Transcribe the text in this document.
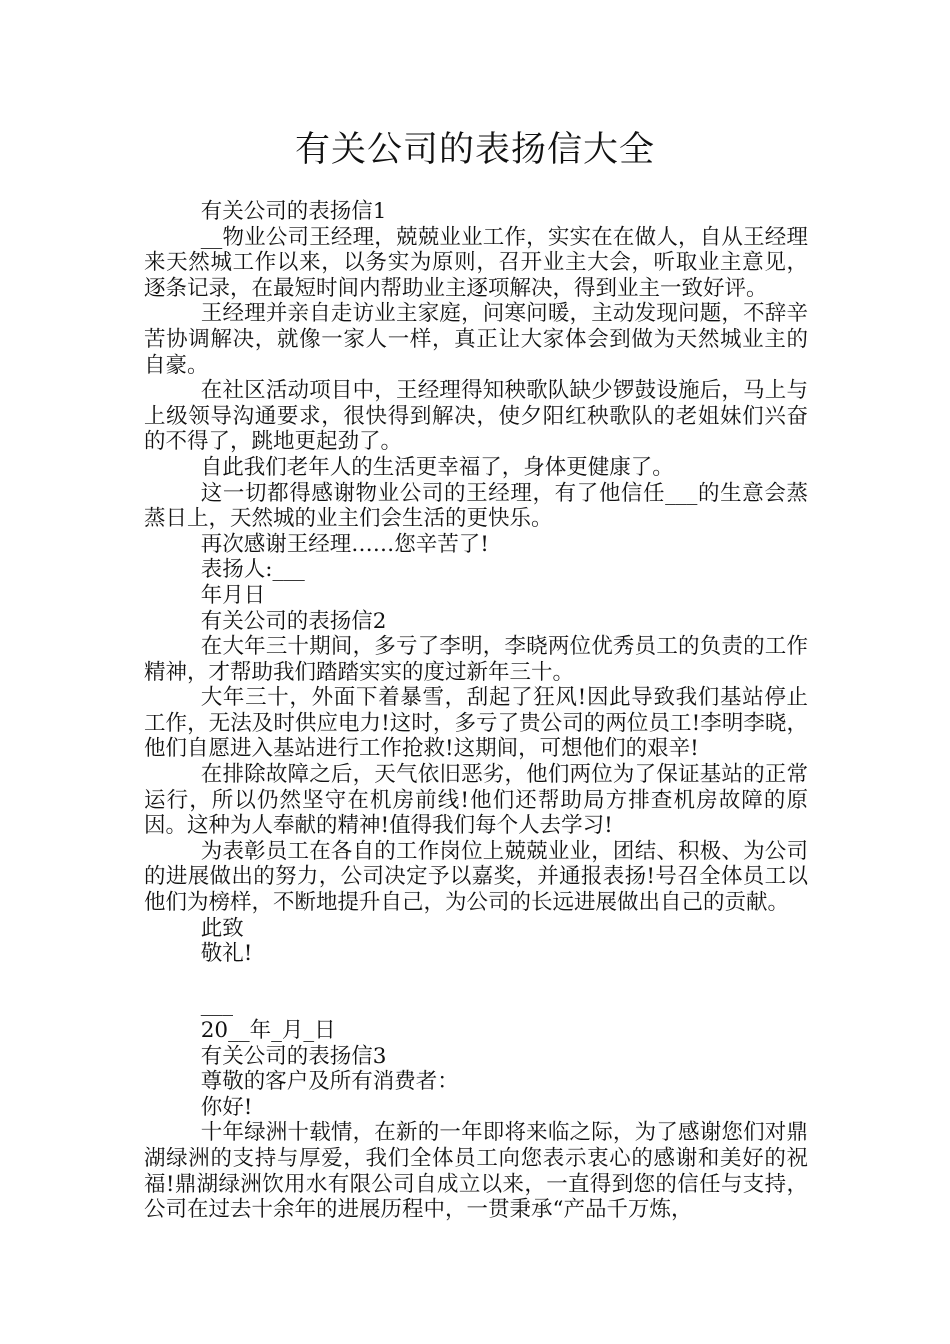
有关公司的表扬信大全

有关公司的表扬信1

__物业公司王经理，兢兢业业工作，实实在在做人，自从王经理来天然城工作以来，以务实为原则，召开业主大会，听取业主意见，逐条记录，在最短时间内帮助业主逐项解决，得到业主一致好评。

王经理并亲自走访业主家庭，问寒问暖，主动发现问题，不辞辛苦协调解决，就像一家人一样，真正让大家体会到做为天然城业主的自豪。

在社区活动项目中，王经理得知秧歌队缺少锣鼓设施后，马上与上级领导沟通要求，很快得到解决，使夕阳红秧歌队的老姐妹们兴奋的不得了，跳地更起劲了。

自此我们老年人的生活更幸福了，身体更健康了。

这一切都得感谢物业公司的王经理，有了他信任___的生意会蒸蒸日上，天然城的业主们会生活的更快乐。

再次感谢王经理……您辛苦了!

表扬人:___

年月日

有关公司的表扬信2

在大年三十期间，多亏了李明，李晓两位优秀员工的负责的工作精神，才帮助我们踏踏实实的度过新年三十。

大年三十，外面下着暴雪，刮起了狂风!因此导致我们基站停止工作，无法及时供应电力!这时，多亏了贵公司的两位员工!李明李晓，他们自愿进入基站进行工作抢救!这期间，可想他们的艰辛!

在排除故障之后，天气依旧恶劣，他们两位为了保证基站的正常运行，所以仍然坚守在机房前线!他们还帮助局方排查机房故障的原因。这种为人奉献的精神!值得我们每个人去学习!

为表彰员工在各自的工作岗位上兢兢业业，团结、积极、为公司的进展做出的努力，公司决定予以嘉奖，并通报表扬!号召全体员工以他们为榜样，不断地提升自己，为公司的长远进展做出自己的贡献。

此致

敬礼!

___

20__年_月_日

有关公司的表扬信3

尊敬的客户及所有消费者：

你好!

十年绿洲十载情，在新的一年即将来临之际，为了感谢您们对鼎湖绿洲的支持与厚爱，我们全体员工向您表示衷心的感谢和美好的祝福!鼎湖绿洲饮用水有限公司自成立以来，一直得到您的信任与支持，公司在过去十余年的进展历程中，一贯秉承“产品千万炼，
